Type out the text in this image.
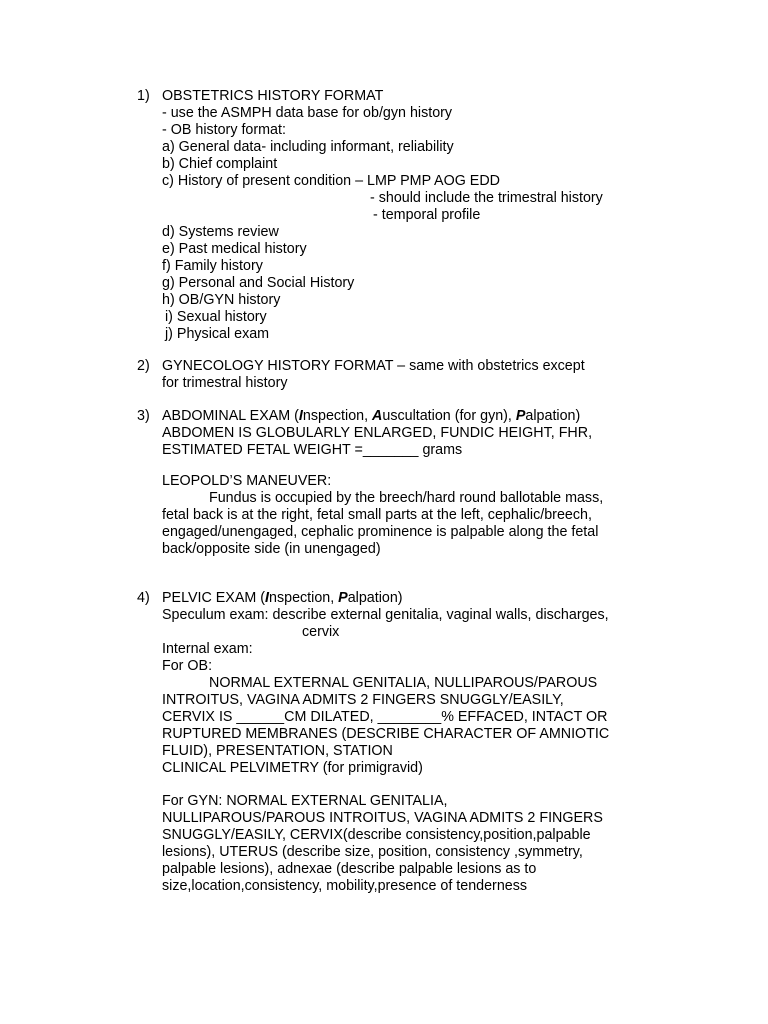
1) OBSTETRICS HISTORY FORMAT
- use the ASMPH data base for ob/gyn history
- OB history format:
a) General data- including informant, reliability
b) Chief complaint
c) History of present condition – LMP PMP AOG EDD
- should include the trimestral history
- temporal profile
d) Systems review
e) Past medical history
f) Family history
g) Personal and Social History
h) OB/GYN history
i) Sexual history
j) Physical exam
2) GYNECOLOGY HISTORY FORMAT – same with obstetrics except
for trimestral history
3) ABDOMINAL EXAM (Inspection, Auscultation (for gyn), Palpation)
ABDOMEN IS GLOBULARLY ENLARGED, FUNDIC HEIGHT, FHR,
ESTIMATED FETAL WEIGHT =_______ grams
LEOPOLD’S MANEUVER:
Fundus is occupied by the breech/hard round ballotable mass,
fetal back is at the right, fetal small parts at the left, cephalic/breech,
engaged/unengaged, cephalic prominence is palpable along the fetal
back/opposite side (in unengaged)
4) PELVIC EXAM (Inspection, Palpation)
Speculum exam: describe external genitalia, vaginal walls, discharges,
cervix
Internal exam:
For OB:
NORMAL EXTERNAL GENITALIA, NULLIPAROUS/PAROUS
INTROITUS, VAGINA ADMITS 2 FINGERS SNUGGLY/EASILY,
CERVIX IS ______CM DILATED, ________% EFFACED, INTACT OR
RUPTURED MEMBRANES (DESCRIBE CHARACTER OF AMNIOTIC
FLUID), PRESENTATION, STATION
CLINICAL PELVIMETRY (for primigravid)
For GYN: NORMAL EXTERNAL GENITALIA,
NULLIPAROUS/PAROUS INTROITUS, VAGINA ADMITS 2 FINGERS
SNUGGLY/EASILY, CERVIX(describe consistency,position,palpable
lesions), UTERUS (describe size, position, consistency ,symmetry,
palpable lesions), adnexae (describe palpable lesions as to
size,location,consistency, mobility,presence of tenderness
